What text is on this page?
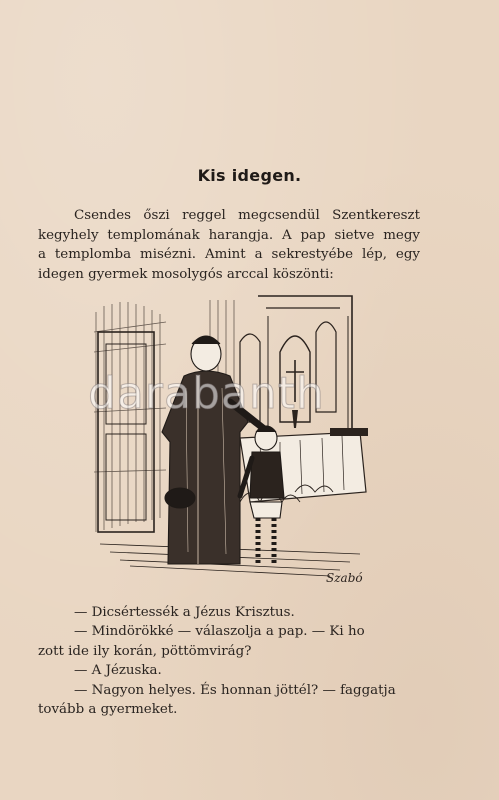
Kis idegen.
Csendes őszi reggel megcsendül Szentkereszt
kegyhely templomának harangja. A pap sietve megy
a templomba misézni. Amint a sekrestyébe lép, egy
idegen gyermek mosolygós arccal köszönti:
Szabó
darabanth
— Dicsértessék a Jézus Krisztus.
— Mindörökké — válaszolja a pap. — Ki ho
zott ide ily korán, pöttömvirág?
— A Jézuska.
— Nagyon helyes. És honnan jöttél? — faggatja
tovább a gyermeket.
